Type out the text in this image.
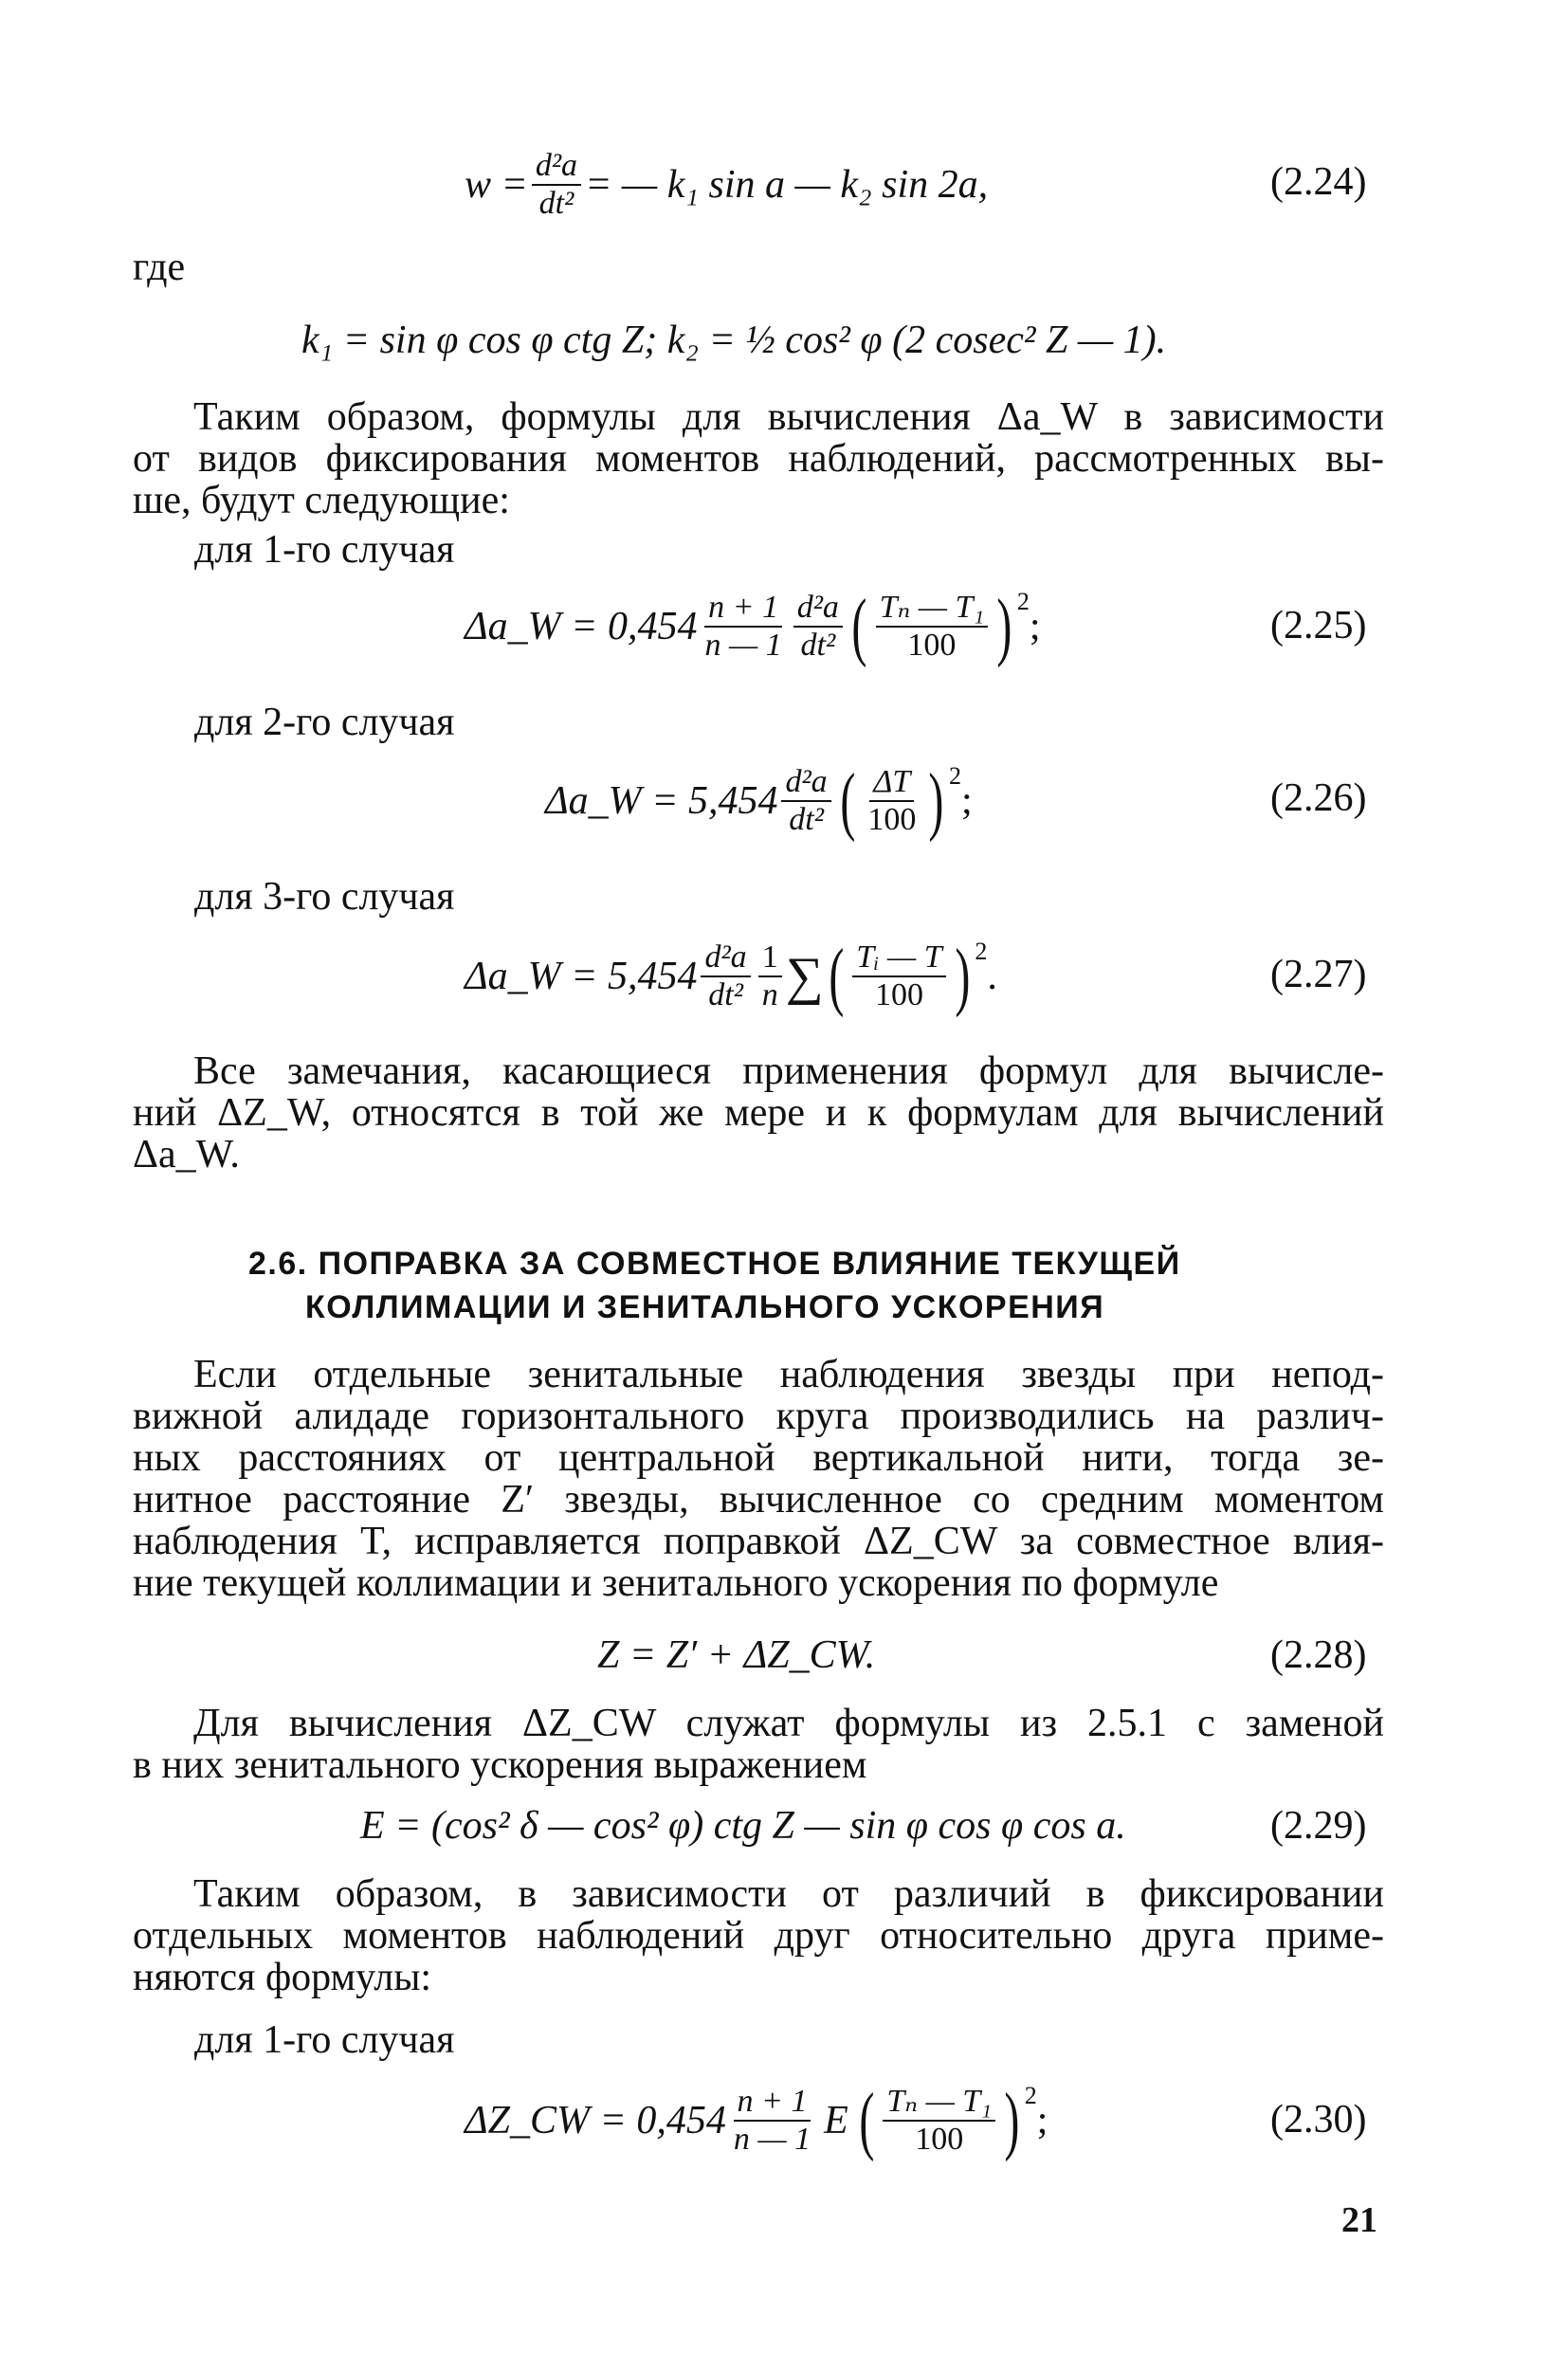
$w = \frac{\text{d²a}}{\text{dt²}}$ = — k₁ sin a — k₂ sin 2a,	(2.24)
где
k₁ = sin φ cos φ ctg Z; k₂ = ½ cos² φ (2 cosec² Z — 1).
Таким образом, формулы для вычисления Δa_W в зависимости
от видов фиксирования моментов наблюдений, рассмотренных вы-
ше, будут следующие:
для 1-го случая
Δa_W = $0,454 \frac{n + 1}{n — 1} \frac{\text{d²a}}{\text{dt²}}$ ( $\frac{\text{Tₙ — T₁}}{100} )^2$
;	(2.25)
для 2-го случая
Δa_W = $5,454 \frac{\text{d²a}}{\text{dt²}}$ ( $\frac{\Delta T}{100} )^2$
;	(2.26)
для 3-го случая
Δa_W = $5,454 \frac{\text{d²a}}{\text{dt²}} \frac{1}{n}$ ∑ ( $\frac{\text{Tᵢ — T}}{100} )^2$
.	(2.27)
Все замечания, касающиеся применения формул для вычисле-
ний ΔZ_W, относятся в той же мере и к формулам для вычислений
Δa_W.
2.6. ПОПРАВКА ЗА СОВМЕСТНОЕ ВЛИЯНИЕ ТЕКУЩЕЙ
КОЛЛИМАЦИИ И ЗЕНИТАЛЬНОГО УСКОРЕНИЯ
Если отдельные зенитальные наблюдения звезды при непод-
вижной алидаде горизонтального круга производились на различ-
ных расстояниях от центральной вертикальной нити, тогда зе-
нитное расстояние Z′ звезды, вычисленное со средним моментом
наблюдения T, исправляется поправкой ΔZ_CW за совместное влия-
ние текущей коллимации и зенитального ускорения по формуле
Z = Z′ + ΔZ_CW.	(2.28)
Для вычисления ΔZ_CW служат формулы из 2.5.1 с заменой
в них зенитального ускорения выражением
E = (cos² δ — cos² φ) ctg Z — sin φ cos φ cos a.	(2.29)
Таким образом, в зависимости от различий в фиксировании
отдельных моментов наблюдений друг относительно друга приме-
няются формулы:
для 1-го случая
ΔZ_CW = $0,454 \frac{n + 1}{n — 1}$ E ( $\frac{\text{Tₙ — T₁}}{100} )^2$
;	(2.30)
21
